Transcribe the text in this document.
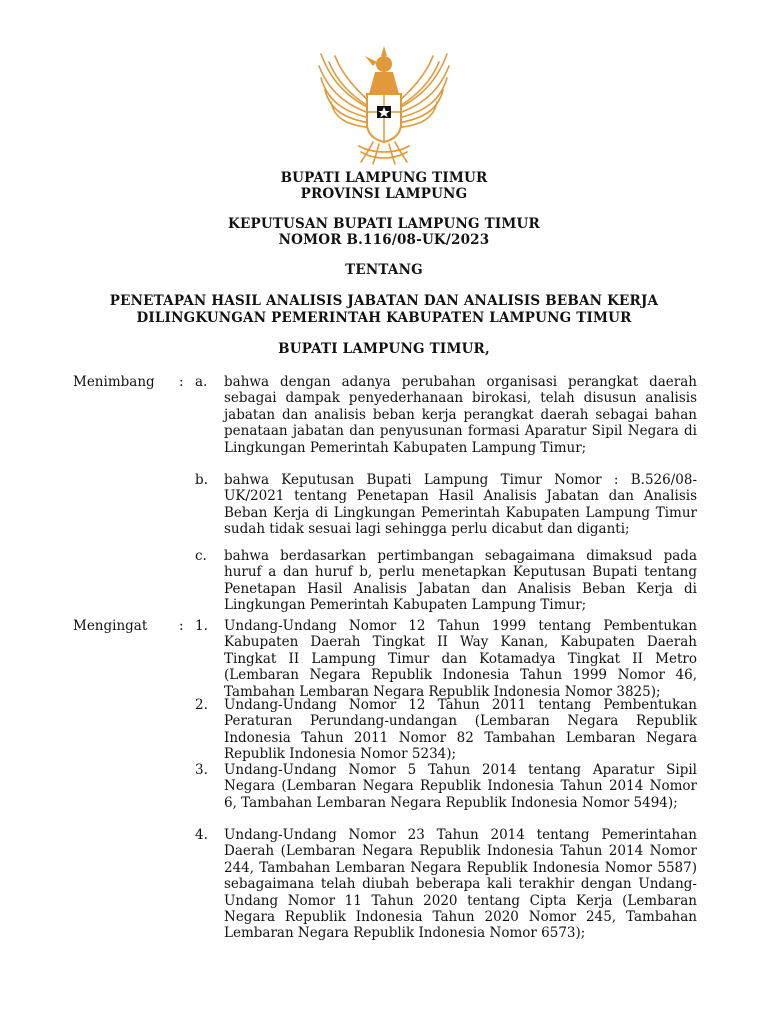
BUPATI LAMPUNG TIMUR
PROVINSI LAMPUNG
KEPUTUSAN BUPATI LAMPUNG TIMUR
NOMOR B.116/08-UK/2023
TENTANG
PENETAPAN HASIL ANALISIS JABATAN DAN ANALISIS BEBAN KERJA
DILINGKUNGAN PEMERINTAH KABUPATEN LAMPUNG TIMUR
BUPATI LAMPUNG TIMUR,
Menimbang : a. bahwa dengan adanya perubahan organisasi perangkat daerah sebagai dampak penyederhanaan birokasi, telah disusun analisis jabatan dan analisis beban kerja perangkat daerah sebagai bahan penataan jabatan dan penyusunan formasi Aparatur Sipil Negara di Lingkungan Pemerintah Kabupaten Lampung Timur;
b. bahwa Keputusan Bupati Lampung Timur Nomor : B.526/08-UK/2021 tentang Penetapan Hasil Analisis Jabatan dan Analisis Beban Kerja di Lingkungan Pemerintah Kabupaten Lampung Timur sudah tidak sesuai lagi sehingga perlu dicabut dan diganti;
c. bahwa berdasarkan pertimbangan sebagaimana dimaksud pada huruf a dan huruf b, perlu menetapkan Keputusan Bupati tentang Penetapan Hasil Analisis Jabatan dan Analisis Beban Kerja di Lingkungan Pemerintah Kabupaten Lampung Timur;
Mengingat : 1. Undang-Undang Nomor 12 Tahun 1999 tentang Pembentukan Kabupaten Daerah Tingkat II Way Kanan, Kabupaten Daerah Tingkat II Lampung Timur dan Kotamadya Tingkat II Metro (Lembaran Negara Republik Indonesia Tahun 1999 Nomor 46, Tambahan Lembaran Negara Republik Indonesia Nomor 3825);
2. Undang-Undang Nomor 12 Tahun 2011 tentang Pembentukan Peraturan Perundang-undangan (Lembaran Negara Republik Indonesia Tahun 2011 Nomor 82 Tambahan Lembaran Negara Republik Indonesia Nomor 5234);
3. Undang-Undang Nomor 5 Tahun 2014 tentang Aparatur Sipil Negara (Lembaran Negara Republik Indonesia Tahun 2014 Nomor 6, Tambahan Lembaran Negara Republik Indonesia Nomor 5494);
4. Undang-Undang Nomor 23 Tahun 2014 tentang Pemerintahan Daerah (Lembaran Negara Republik Indonesia Tahun 2014 Nomor 244, Tambahan Lembaran Negara Republik Indonesia Nomor 5587) sebagaimana telah diubah beberapa kali terakhir dengan Undang-Undang Nomor 11 Tahun 2020 tentang Cipta Kerja (Lembaran Negara Republik Indonesia Tahun 2020 Nomor 245, Tambahan Lembaran Negara Republik Indonesia Nomor 6573);
